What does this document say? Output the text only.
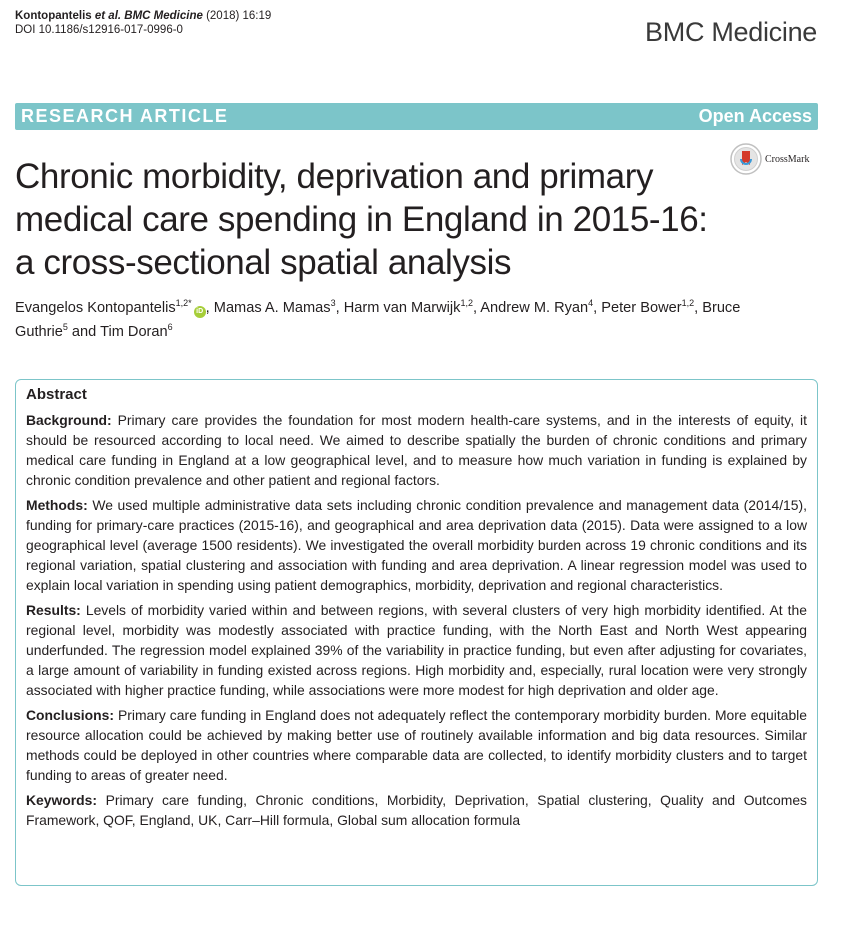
Kontopantelis et al. BMC Medicine (2018) 16:19
DOI 10.1186/s12916-017-0996-0	BMC Medicine
RESEARCH ARTICLE	Open Access
Chronic morbidity, deprivation and primary medical care spending in England in 2015-16: a cross-sectional spatial analysis
CrossMark
Evangelos Kontopantelis$^{1,2*}$iD , Mamas A. Mamas$^3$, Harm van Marwijk$^{1,2}$, Andrew M. Ryan$^4$, Peter Bower$^{1,2}$, Bruce Guthrie$^5$ and Tim Doran$^6$
Abstract

Background: Primary care provides the foundation for most modern health-care systems, and in the interests of equity, it should be resourced according to local need. We aimed to describe spatially the burden of chronic conditions and primary medical care funding in England at a low geographical level, and to measure how much variation in funding is explained by chronic condition prevalence and other patient and regional factors.

Methods: We used multiple administrative data sets including chronic condition prevalence and management data (2014/15), funding for primary-care practices (2015-16), and geographical and area deprivation data (2015). Data were assigned to a low geographical level (average 1500 residents). We investigated the overall morbidity burden across 19 chronic conditions and its regional variation, spatial clustering and association with funding and area deprivation. A linear regression model was used to explain local variation in spending using patient demographics, morbidity, deprivation and regional characteristics.

Results: Levels of morbidity varied within and between regions, with several clusters of very high morbidity identified. At the regional level, morbidity was modestly associated with practice funding, with the North East and North West appearing underfunded. The regression model explained 39% of the variability in practice funding, but even after adjusting for covariates, a large amount of variability in funding existed across regions. High morbidity and, especially, rural location were very strongly associated with higher practice funding, while associations were more modest for high deprivation and older age.

Conclusions: Primary care funding in England does not adequately reflect the contemporary morbidity burden. More equitable resource allocation could be achieved by making better use of routinely available information and big data resources. Similar methods could be deployed in other countries where comparable data are collected, to identify morbidity clusters and to target funding to areas of greater need.

Keywords: Primary care funding, Chronic conditions, Morbidity, Deprivation, Spatial clustering, Quality and Outcomes Framework, QOF, England, UK, Carr–Hill formula, Global sum allocation formula
